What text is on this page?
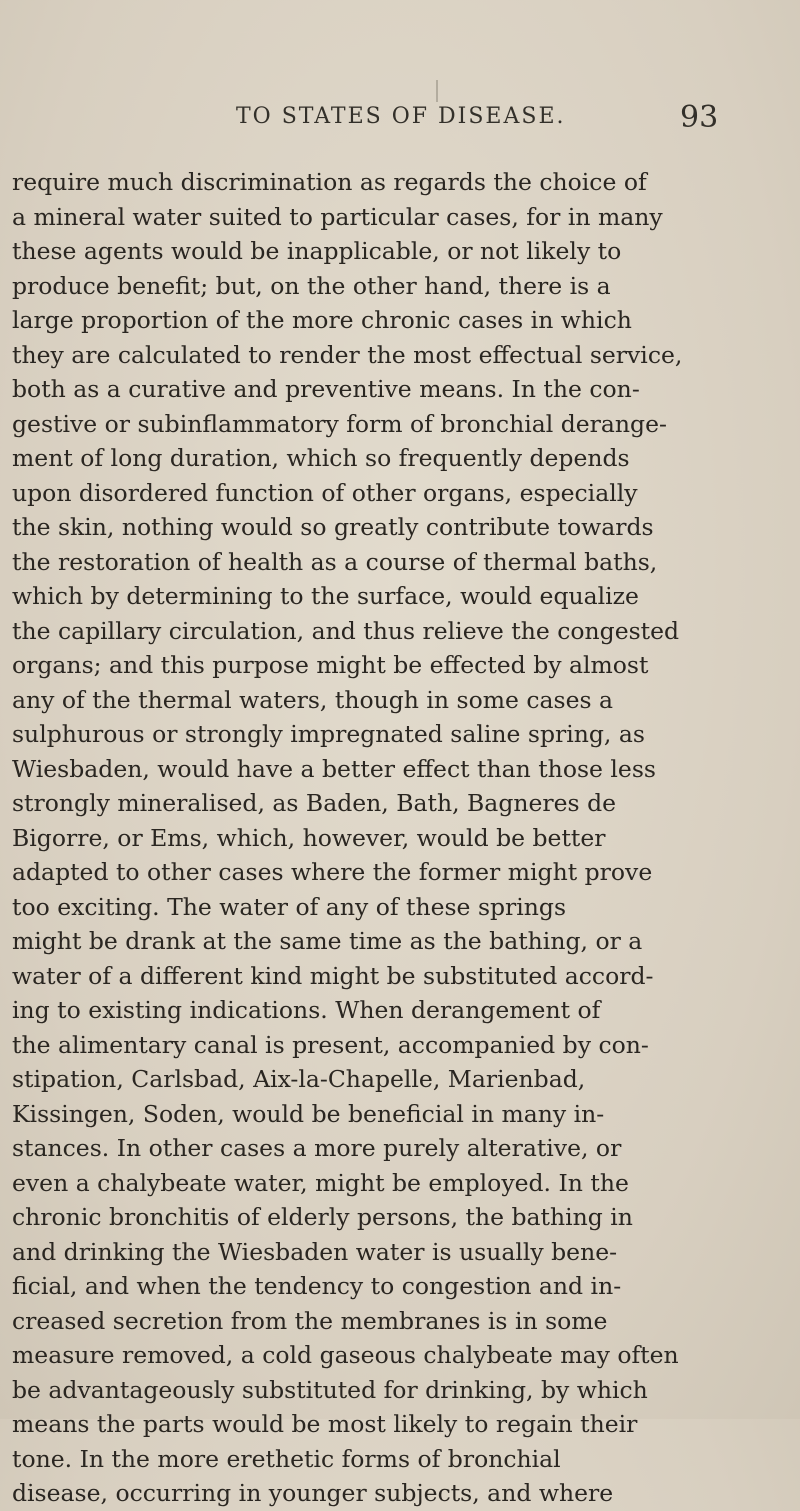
TO STATES OF DISEASE.	93
require much discrimination as regards the choice of
a mineral water suited to particular cases, for in many
these agents would be inapplicable, or not likely to
produce benefit; but, on the other hand, there is a
large proportion of the more chronic cases in which
they are calculated to render the most effectual service,
both as a curative and preventive means. In the con-
gestive or subinflammatory form of bronchial derange-
ment of long duration, which so frequently depends
upon disordered function of other organs, especially
the skin, nothing would so greatly contribute towards
the restoration of health as a course of thermal baths,
which by determining to the surface, would equalize
the capillary circulation, and thus relieve the congested
organs; and this purpose might be effected by almost
any of the thermal waters, though in some cases a
sulphurous or strongly impregnated saline spring, as
Wiesbaden, would have a better effect than those less
strongly mineralised, as Baden, Bath, Bagneres de
Bigorre, or Ems, which, however, would be better
adapted to other cases where the former might prove
too exciting. The water of any of these springs
might be drank at the same time as the bathing, or a
water of a different kind might be substituted accord-
ing to existing indications. When derangement of
the alimentary canal is present, accompanied by con-
stipation, Carlsbad, Aix-la-Chapelle, Marienbad,
Kissingen, Soden, would be beneficial in many in-
stances. In other cases a more purely alterative, or
even a chalybeate water, might be employed. In the
chronic bronchitis of elderly persons, the bathing in
and drinking the Wiesbaden water is usually bene-
ficial, and when the tendency to congestion and in-
creased secretion from the membranes is in some
measure removed, a cold gaseous chalybeate may often
be advantageously substituted for drinking, by which
means the parts would be most likely to regain their
tone. In the more erethetic forms of bronchial
disease, occurring in younger subjects, and where
